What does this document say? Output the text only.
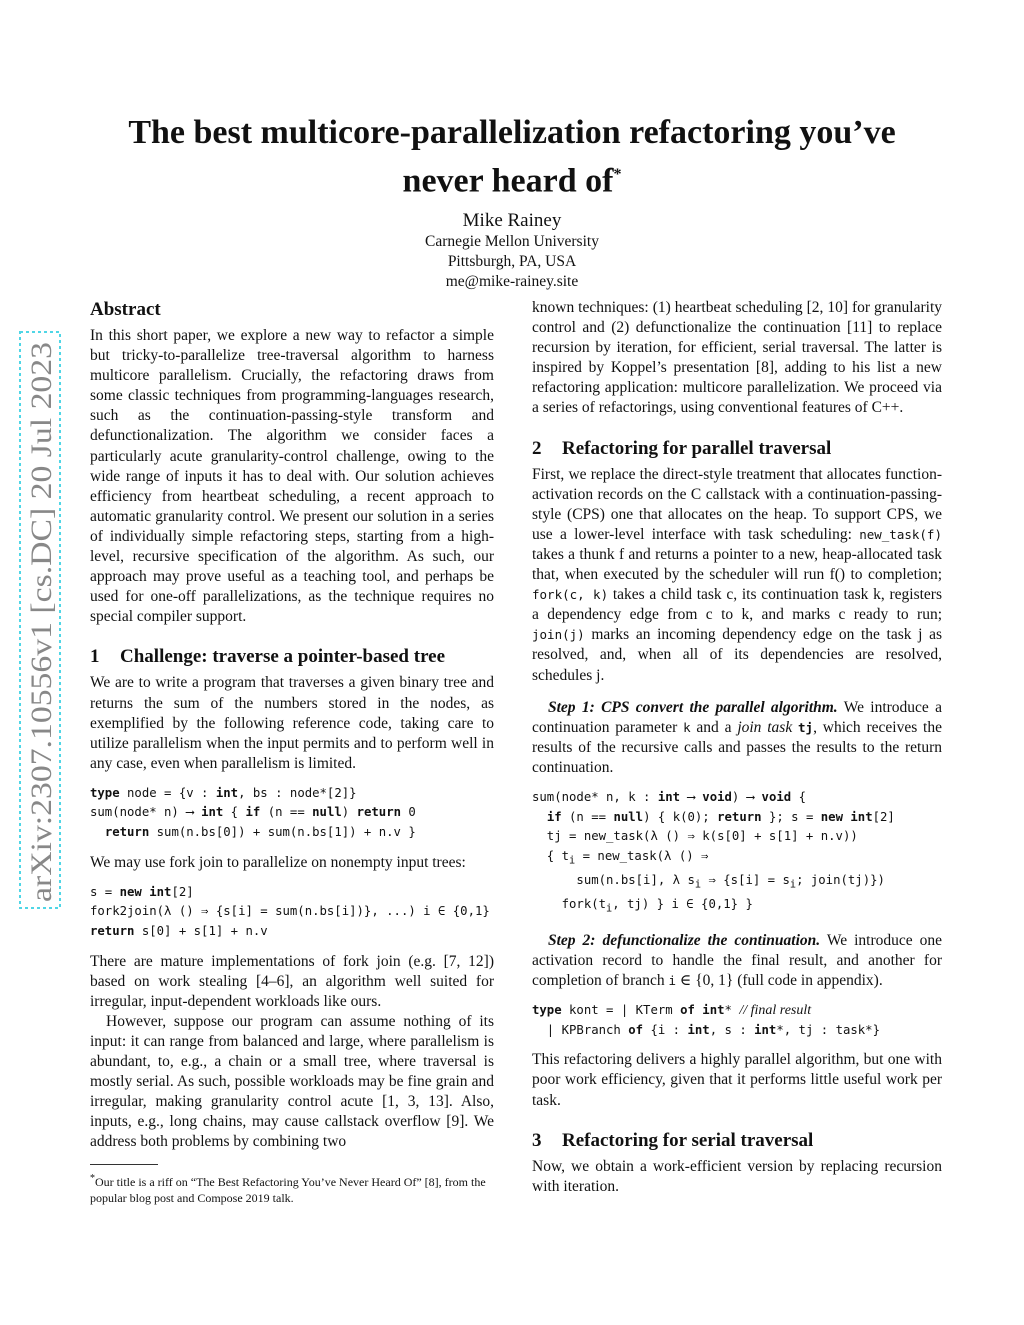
arXiv:2307.10556v1 [cs.DC] 20 Jul 2023
The best multicore-parallelization refactoring you’ve
never heard of*
Mike Rainey
Carnegie Mellon University
Pittsburgh, PA, USA
me@mike-rainey.site
Abstract

In this short paper, we explore a new way to refactor a simple but tricky-to-parallelize tree-traversal algorithm to harness multicore parallelism. Crucially, the refactoring draws from some classic techniques from programming-languages research, such as the continuation-passing-style transform and defunctionalization. The algorithm we consider faces a particularly acute granularity-control challenge, owing to the wide range of inputs it has to deal with. Our solution achieves efficiency from heartbeat scheduling, a recent approach to automatic granularity control. We present our solution in a series of individually simple refactoring steps, starting from a high-level, recursive specification of the algorithm. As such, our approach may prove useful as a teaching tool, and perhaps be used for one-off parallelizations, as the technique requires no special compiler support.

1 Challenge: traverse a pointer-based tree

We are to write a program that traverses a given binary tree and returns the sum of the numbers stored in the nodes, as exemplified by the following reference code, taking care to utilize parallelism when the input permits and to perform well in any case, even when parallelism is limited.

type node = {v : int, bs : node*[2]}
sum(node* n) ⟶ int { if (n == null) return 0
return sum(n.bs[0]) + sum(n.bs[1]) + n.v }

We may use fork join to parallelize on nonempty input trees:

s = new int[2]
fork2join(λ () ⇒ {s[i] = sum(n.bs[i])}, ...) i ∈ {0,1}
return s[0] + s[1] + n.v

There are mature implementations of fork join (e.g. [7, 12]) based on work stealing [4–6], an algorithm well suited for irregular, input-dependent workloads like ours.

However, suppose our program can assume nothing of its input: it can range from balanced and large, where parallelism is abundant, to, e.g., a chain or a small tree, where traversal is mostly serial. As such, possible workloads may be fine grain and irregular, making granularity control acute [1, 3, 13]. Also, inputs, e.g., long chains, may cause callstack overflow [9]. We address both problems by combining two

*Our title is a riff on “The Best Refactoring You’ve Never Heard Of” [8], from the popular blog post and Compose 2019 talk.

known techniques: (1) heartbeat scheduling [2, 10] for granularity control and (2) defunctionalize the continuation [11] to replace recursion by iteration, for efficient, serial traversal. The latter is inspired by Koppel’s presentation [8], adding to his list a new refactoring application: multicore parallelization. We proceed via a series of refactorings, using conventional features of C++.

2 Refactoring for parallel traversal

First, we replace the direct-style treatment that allocates function-activation records on the C callstack with a continuation-passing-style (CPS) one that allocates on the heap. To support CPS, we use a lower-level interface with task scheduling: new_task(f) takes a thunk f and returns a pointer to a new, heap-allocated task that, when executed by the scheduler will run f() to completion; fork(c, k) takes a child task c, its continuation task k, registers a dependency edge from c to k, and marks c ready to run; join(j) marks an incoming dependency edge on the task j as resolved, and, when all of its dependencies are resolved, schedules j.

Step 1: CPS convert the parallel algorithm. We introduce a continuation parameter k and a join task tj, which receives the results of the recursive calls and passes the results to the return continuation.

sum(node* n, k : int ⟶ void) ⟶ void {
if (n == null) { k(0); return }; s = new int[2]
tj = new_task(λ () ⇒ k(s[0] + s[1] + n.v))
{ $t_i$ = new_task(λ () ⇒
sum(n.bs[i], λ $s_i$ ⇒ {$s[i] = s_i$; join(tj)})
$fork(t_i$, tj) } i ∈ {0,1} }

Step 2: defunctionalize the continuation. We introduce one activation record to handle the final result, and another for completion of branch i ∈ {0, 1} (full code in appendix).

type kont = | KTerm of int* // final result
| KPBranch of {i : int, s : int*, tj : task*}

This refactoring delivers a highly parallel algorithm, but one with poor work efficiency, given that it performs little useful work per task.

3 Refactoring for serial traversal

Now, we obtain a work-efficient version by replacing recursion with iteration.
